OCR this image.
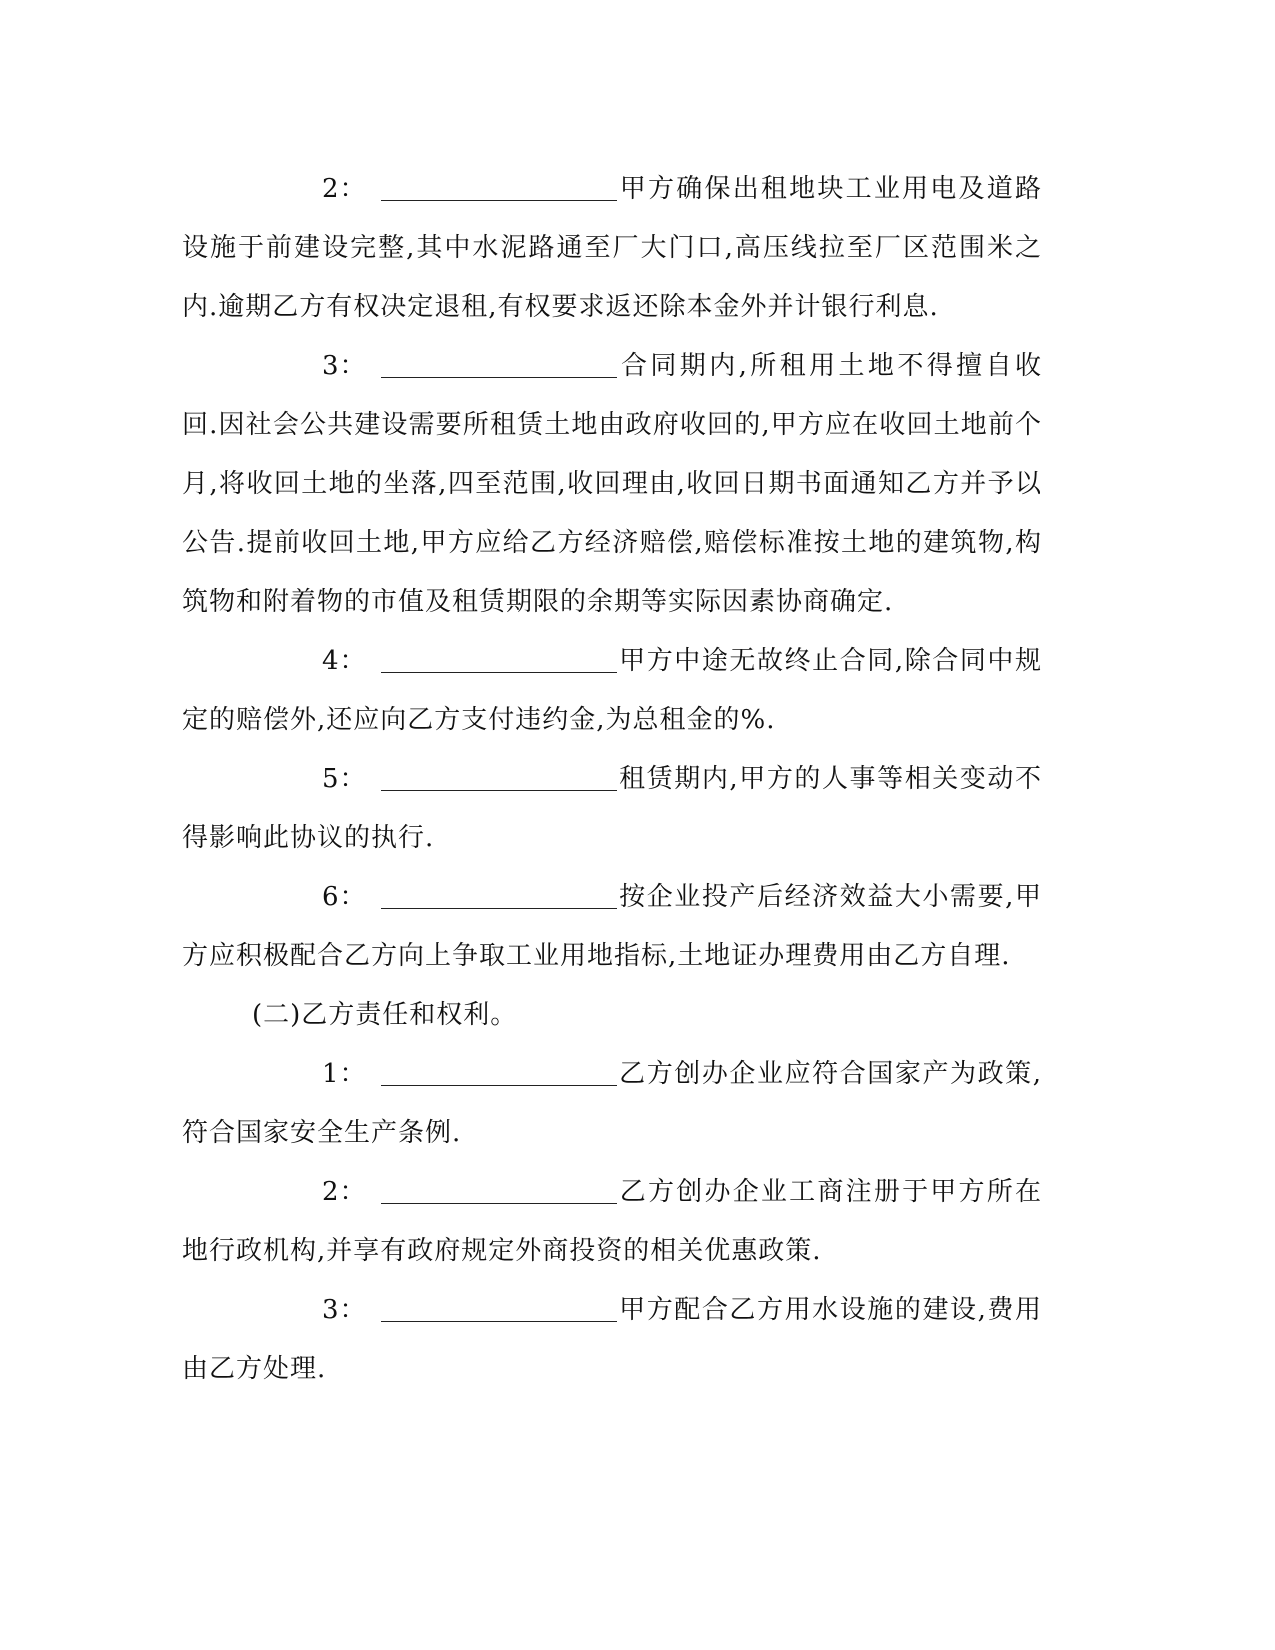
2：	甲方确保出租地块工业用电及道路设施于前建设完整,其中水泥路通至厂大门口,高压线拉至厂区范围米之内.逾期乙方有权决定退租,有权要求返还除本金外并计银行利息.

3：	合同期内,所租用土地不得擅自收回.因社会公共建设需要所租赁土地由政府收回的,甲方应在收回土地前个月,将收回土地的坐落,四至范围,收回理由,收回日期书面通知乙方并予以公告.提前收回土地,甲方应给乙方经济赔偿,赔偿标准按土地的建筑物,构筑物和附着物的市值及租赁期限的余期等实际因素协商确定.

4：	甲方中途无故终止合同,除合同中规定的赔偿外,还应向乙方支付违约金,为总租金的%.

5：	租赁期内,甲方的人事等相关变动不得影响此协议的执行.

6：	按企业投产后经济效益大小需要,甲方应积极配合乙方向上争取工业用地指标,土地证办理费用由乙方自理.

(二)乙方责任和权利。

1：	乙方创办企业应符合国家产为政策,符合国家安全生产条例.

2：	乙方创办企业工商注册于甲方所在地行政机构,并享有政府规定外商投资的相关优惠政策.

3：	甲方配合乙方用水设施的建设,费用由乙方处理.
